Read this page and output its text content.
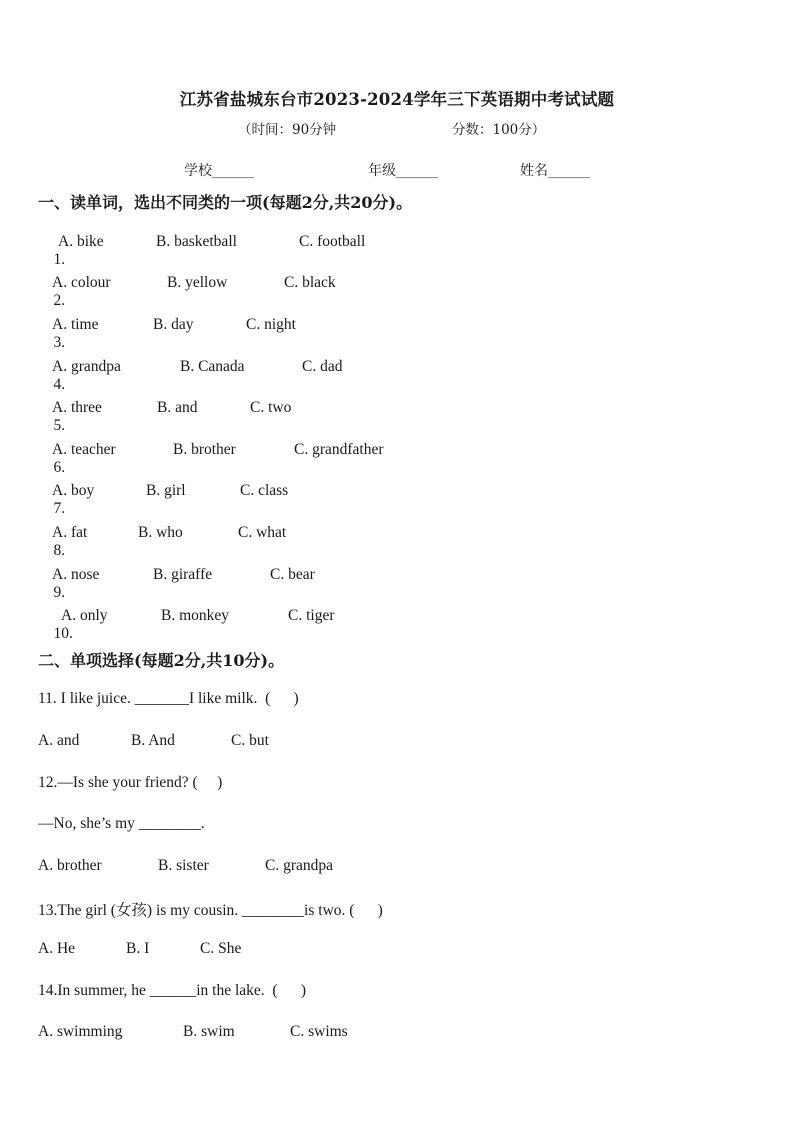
江苏省盐城东台市2023-2024学年三下英语期中考试试题
（时间：90分钟	分数：100分）
学校______	年级______	姓名______
一、读单词，选出不同类的一项(每题2分,共20分)。

1.

A. bike

	B. basketball

	C. football

2.

A. colour

	B. yellow

	C. black

3.

A. time

	B. day

	C. night

4.

A. grandpa

	B. Canada

	C. dad

5.

A. three

	B. and

	C. two

6.

A. teacher

	B. brother

	C. grandfather

7.

A. boy

	B. girl

	C. class

8.

A. fat

	B. who

	C. what

9.

A. nose

	B. giraffe

	C. bear

10.

A. only

	B. monkey

	C. tiger

二、单项选择(每题2分,共10分)。
11. I like juice. _______I like milk.  (      )

A. and

	B. And

	C. but

12.—Is she your friend? (     )
—No, she’s my ________.

A. brother

	B. sister

	C. grandpa

13.The girl (女孩) is my cousin. ________is two. (      )

A. He

	B. I

	C. She

14.In summer, he ______in the lake.  (      )

A. swimming

	B. swim

	C. swims
